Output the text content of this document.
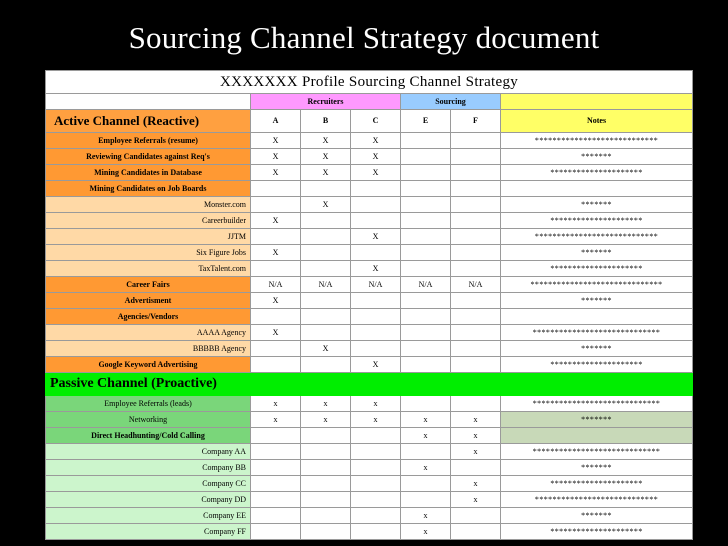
Sourcing Channel Strategy document
XXXXXXX Profile Sourcing Channel Strategy						
	Recruiters			Sourcing		
Active Channel (Reactive)	A	B	C	E	F	Notes
Employee Referrals (resume)	X	X	X			****************************
Reviewing Candidates against Req's	X	X	X			*******
Mining Candidates in Database	X	X	X			*********************
Mining Candidates on Job Boards						
Monster.com		X				*******
Careerbuilder	X					*********************
JJTM			X			****************************
Six Figure Jobs	X					*******
TaxTalent.com			X			*********************
Career Fairs	N/A	N/A	N/A	N/A	N/A	******************************
Advertisment	X					*******
Agencies/Vendors						
AAAA Agency	X					*****************************
BBBBB Agency		X				*******
Google Keyword Advertising			X			*********************
Passive Channel (Proactive)						
Employee Referrals (leads)	x	x	x			*****************************
Networking	x	x	x	x	x	*******
Direct Headhunting/Cold Calling				x	x	
Company AA					x	*****************************
Company BB				x		*******
Company CC					x	*********************
Company DD					x	****************************
Company EE				x		*******
Company FF				x		*********************
